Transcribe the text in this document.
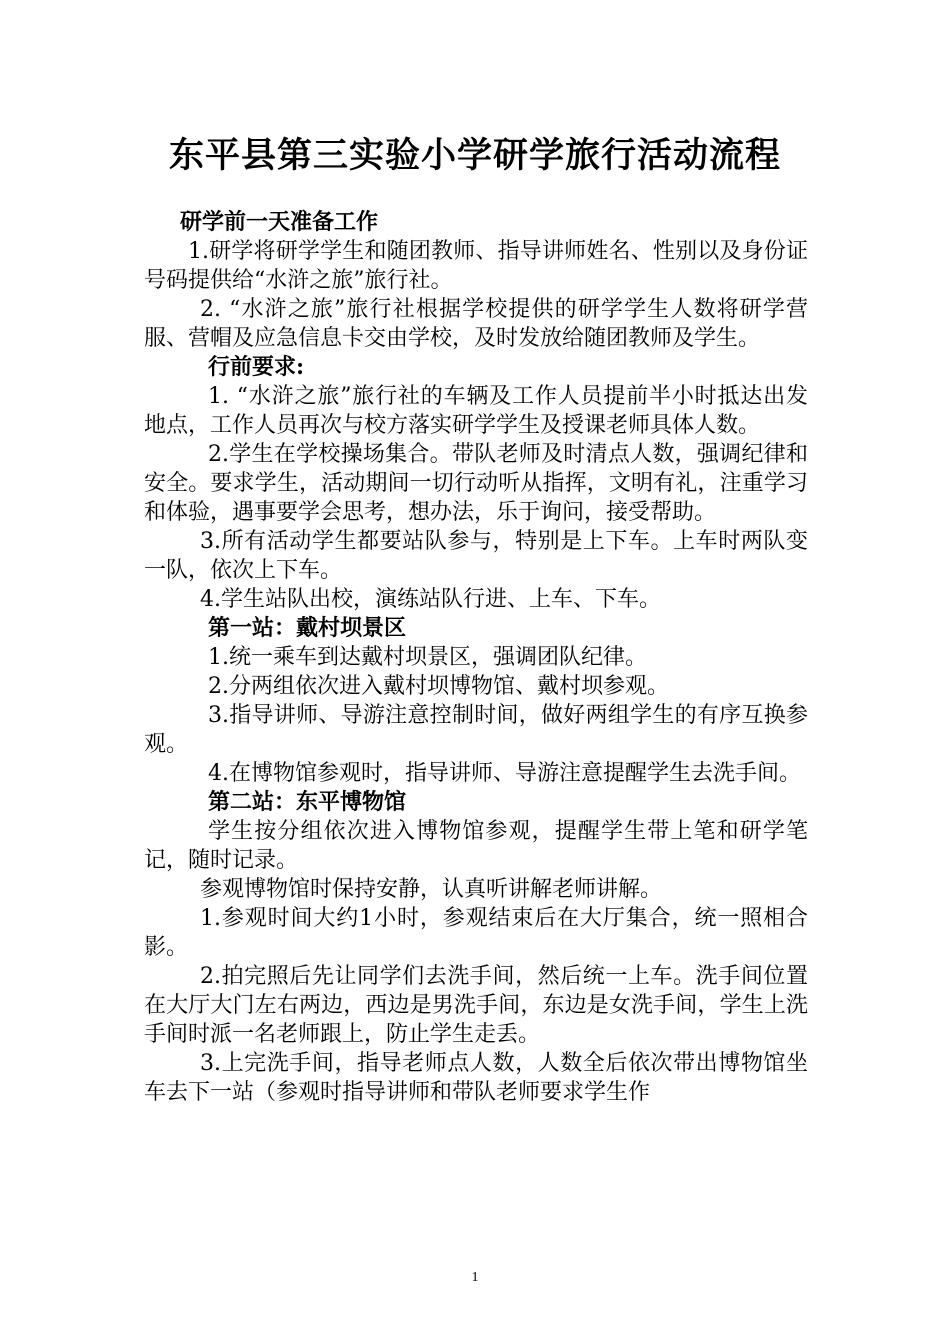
东平县第三实验小学研学旅行活动流程

研学前一天准备工作

1.研学将研学学生和随团教师、指导讲师姓名、性别以及身份证号码提供给“水浒之旅”旅行社。

2. “水浒之旅”旅行社根据学校提供的研学学生人数将研学营服、营帽及应急信息卡交由学校，及时发放给随团教师及学生。

行前要求:

1. “水浒之旅”旅行社的车辆及工作人员提前半小时抵达出发地点，工作人员再次与校方落实研学学生及授课老师具体人数。

2.学生在学校操场集合。带队老师及时清点人数，强调纪律和安全。要求学生，活动期间一切行动听从指挥，文明有礼，注重学习和体验，遇事要学会思考，想办法，乐于询问，接受帮助。

3.所有活动学生都要站队参与，特别是上下车。上车时两队变一队，依次上下车。

4.学生站队出校，演练站队行进、上车、下车。

第一站：戴村坝景区

1.统一乘车到达戴村坝景区，强调团队纪律。

2.分两组依次进入戴村坝博物馆、戴村坝参观。

3.指导讲师、导游注意控制时间，做好两组学生的有序互换参观。

4.在博物馆参观时，指导讲师、导游注意提醒学生去洗手间。

第二站：东平博物馆

学生按分组依次进入博物馆参观，提醒学生带上笔和研学笔记，随时记录。

参观博物馆时保持安静，认真听讲解老师讲解。

1.参观时间大约1小时，参观结束后在大厅集合，统一照相合影。

2.拍完照后先让同学们去洗手间，然后统一上车。洗手间位置在大厅大门左右两边，西边是男洗手间，东边是女洗手间，学生上洗手间时派一名老师跟上，防止学生走丢。

3.上完洗手间，指导老师点人数，人数全后依次带出博物馆坐车去下一站（参观时指导讲师和带队老师要求学生作

1
